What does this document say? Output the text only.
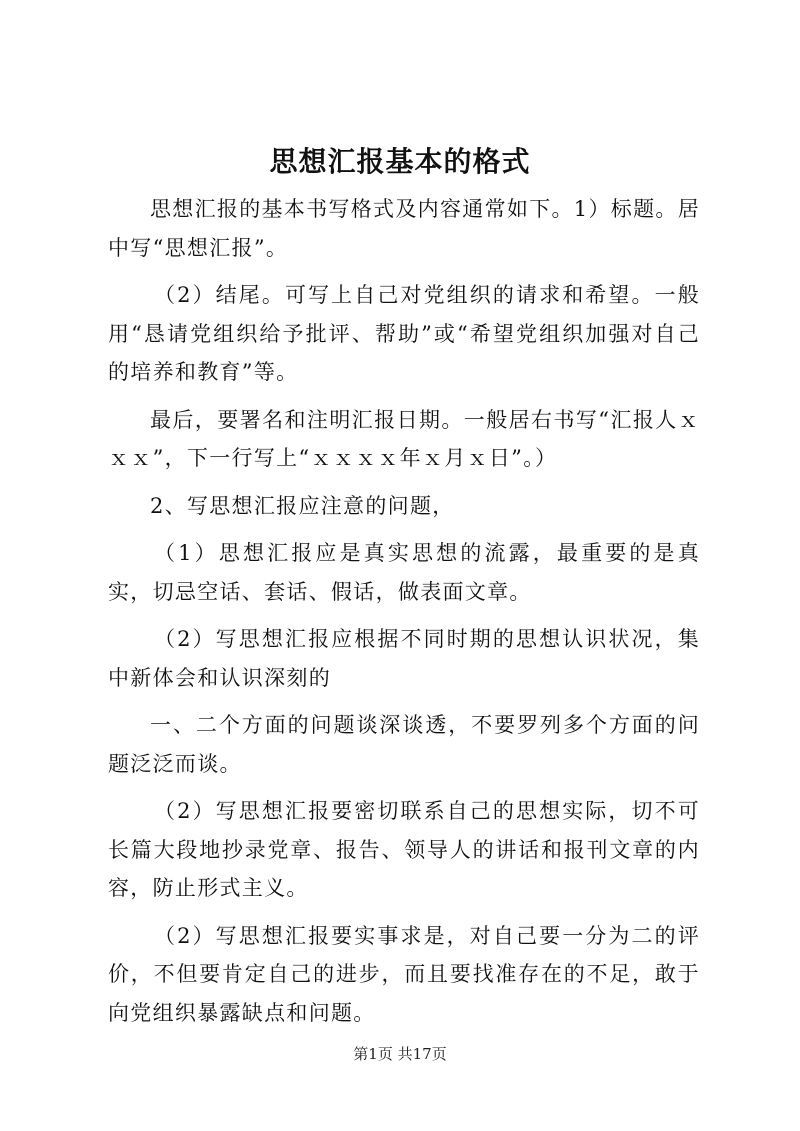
思想汇报基本的格式

思想汇报的基本书写格式及内容通常如下。1）标题。居中写“思想汇报”。

（2）结尾。可写上自己对党组织的请求和希望。一般用“恳请党组织给予批评、帮助”或“希望党组织加强对自己的培养和教育”等。

最后，要署名和注明汇报日期。一般居右书写“汇报人ｘｘｘ”，下一行写上“ｘｘｘｘ年ｘ月ｘ日”。）

2、写思想汇报应注意的问题，

（1）思想汇报应是真实思想的流露，最重要的是真实，切忌空话、套话、假话，做表面文章。

（2）写思想汇报应根据不同时期的思想认识状况，集中新体会和认识深刻的

一、二个方面的问题谈深谈透，不要罗列多个方面的问题泛泛而谈。

（2）写思想汇报要密切联系自己的思想实际，切不可长篇大段地抄录党章、报告、领导人的讲话和报刊文章的内容，防止形式主义。

（2）写思想汇报要实事求是，对自己要一分为二的评价，不但要肯定自己的进步，而且要找准存在的不足，敢于向党组织暴露缺点和问题。

第1页 共17页
